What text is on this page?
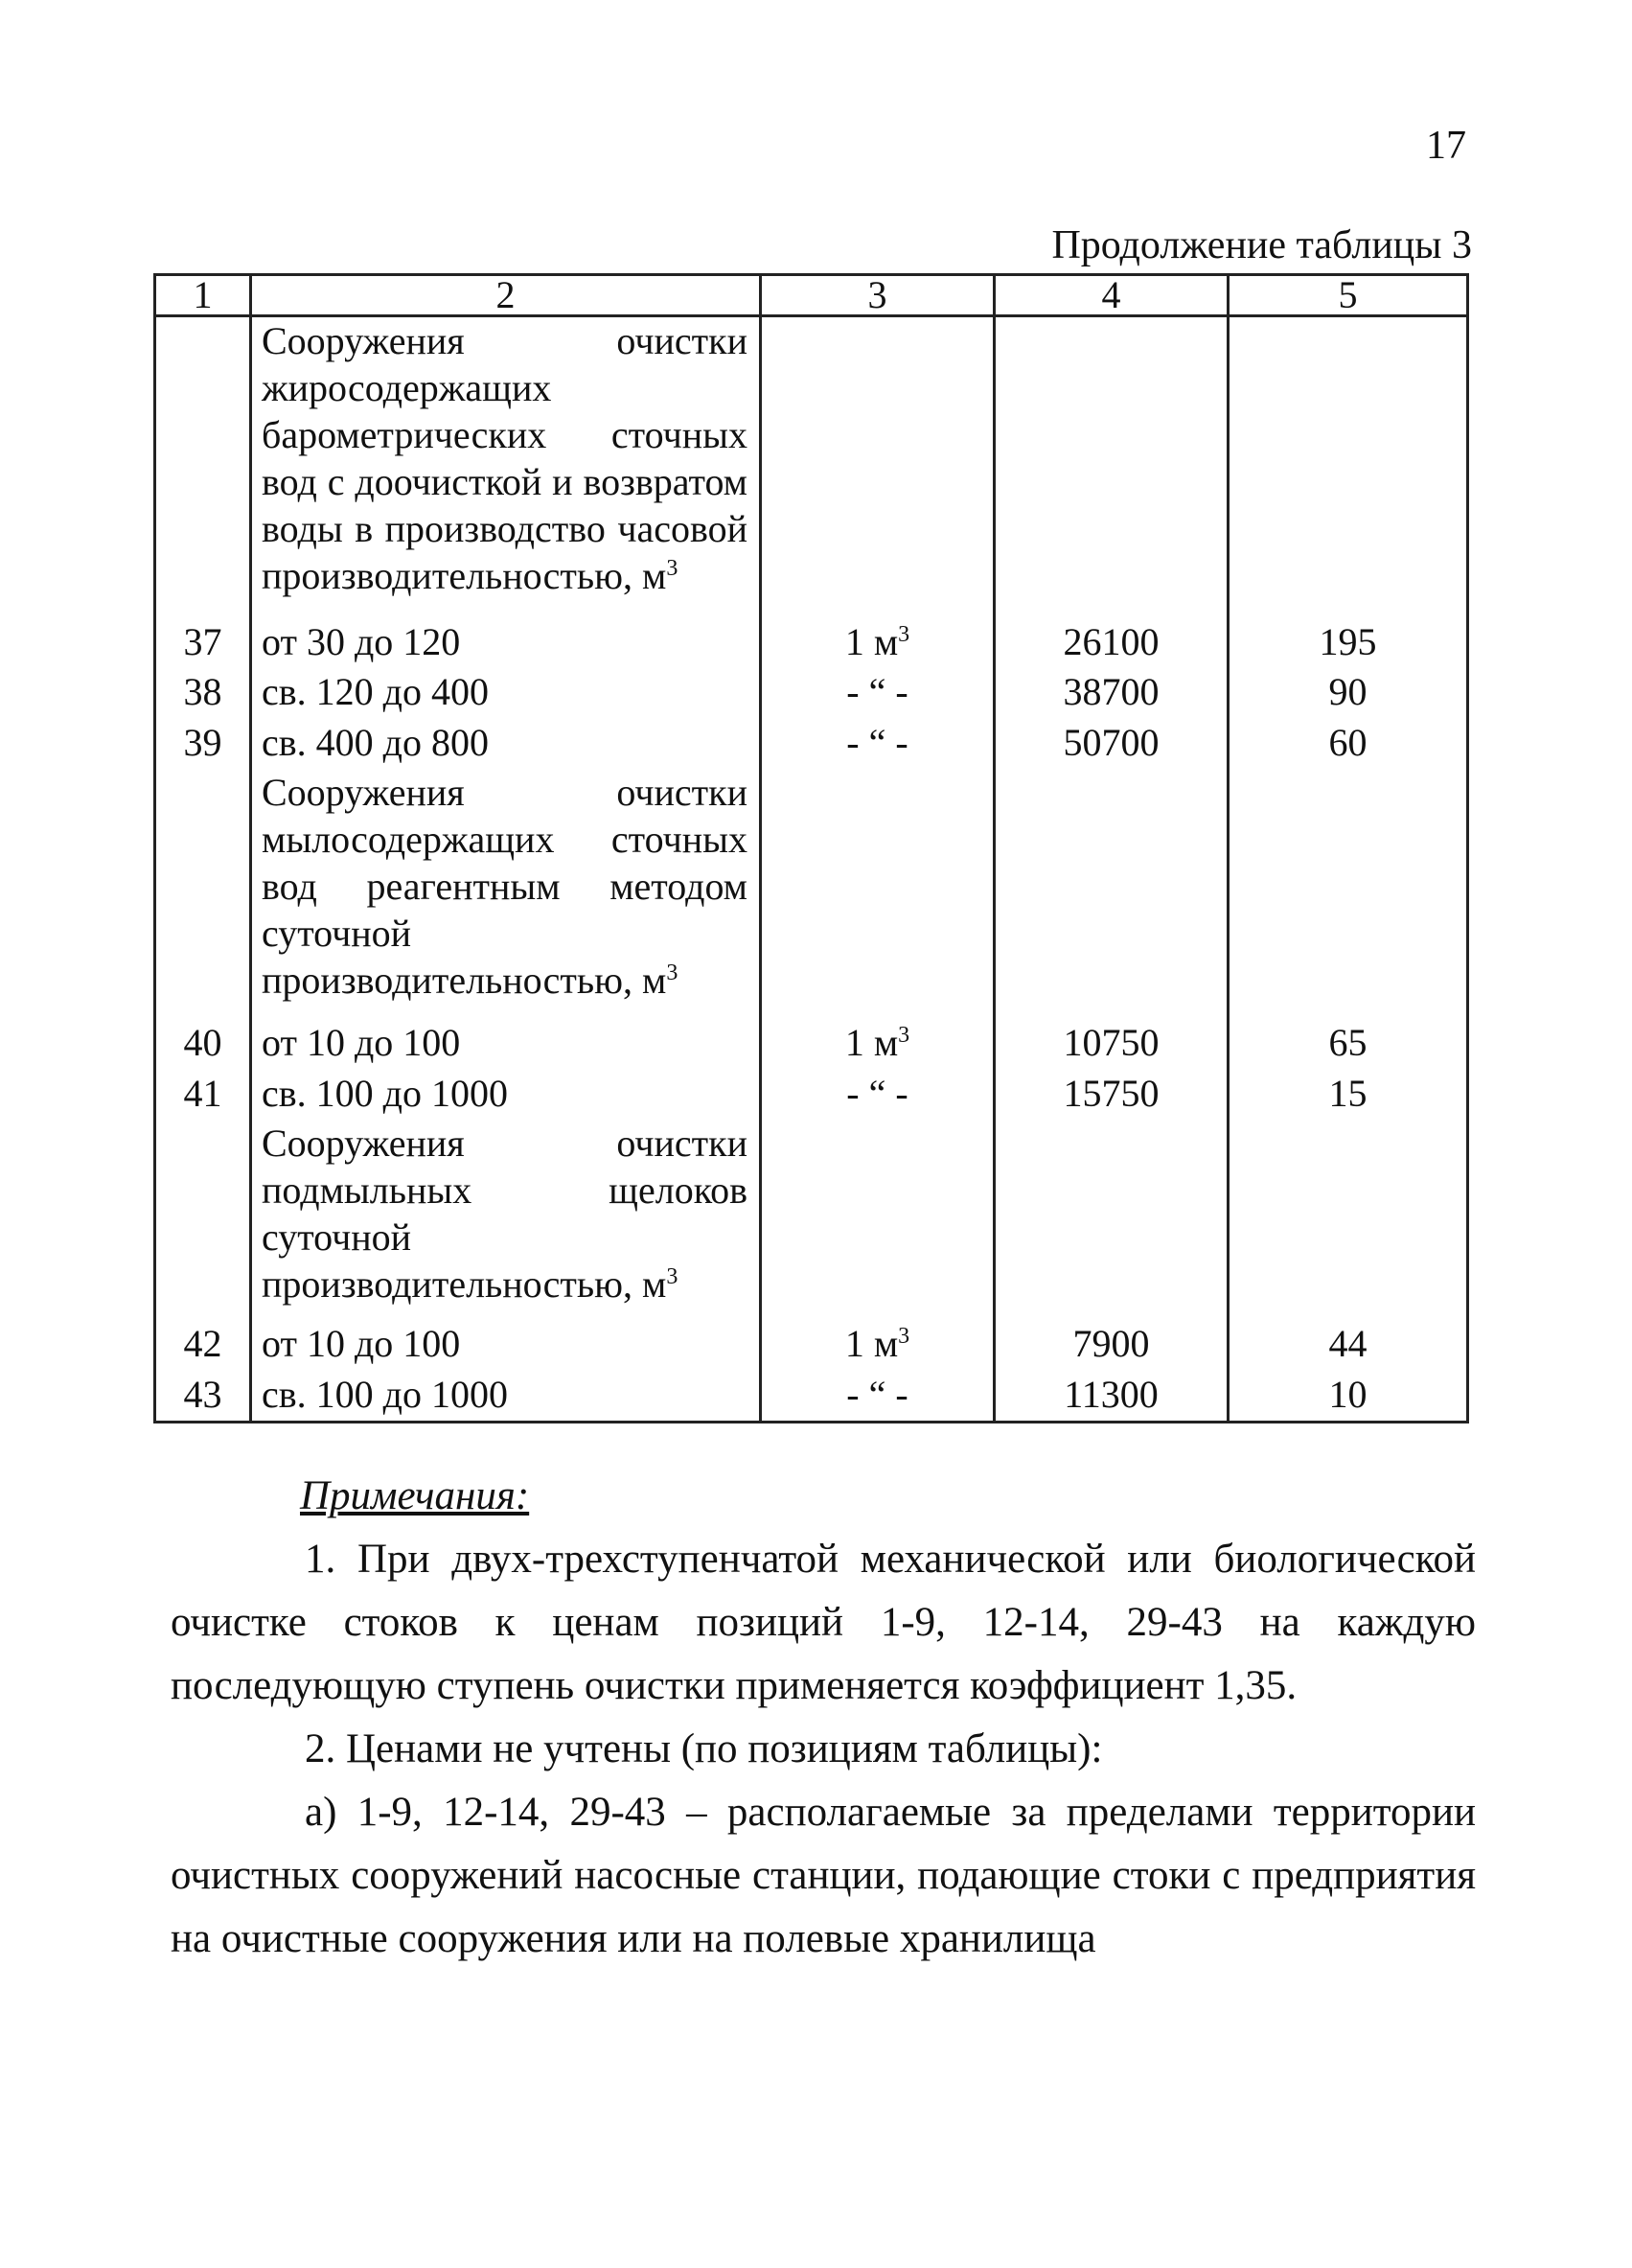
17
Продолжение таблицы 3
1	2	3	4	5
	Сооружения очистки жиросодержащих барометрических сточных вод с доочисткой и возвратом воды в производство часовой производительностью, $м^3$			
37	от 30 до 120	1 $м^3$	26100	195
38	св. 120 до 400	- “ -	38700	90
39	св. 400 до 800	- “ -	50700	60
	Сооружения очистки мылосодержащих сточных вод реагентным методом суточной производительностью, $м^3$			
40	от 10 до 100	1 $м^3$	10750	65
41	св. 100 до 1000	- “ -	15750	15
	Сооружения очистки подмыльных щелоков суточной производительностью, $м^3$			
42	от 10 до 100	1 $м^3$	7900	44
43	св. 100 до 1000	- “ -	11300	10

Примечания:

1. При двух-трехступенчатой механической или биологической очистке стоков к ценам позиций 1-9, 12-14, 29-43 на каждую последующую ступень очистки применяется коэффициент 1,35.

2. Ценами не учтены (по позициям таблицы):

а) 1-9, 12-14, 29-43 – располагаемые за пределами территории очистных сооружений насосные станции, подающие стоки с предприятия на очистные сооружения или на полевые хранилища
